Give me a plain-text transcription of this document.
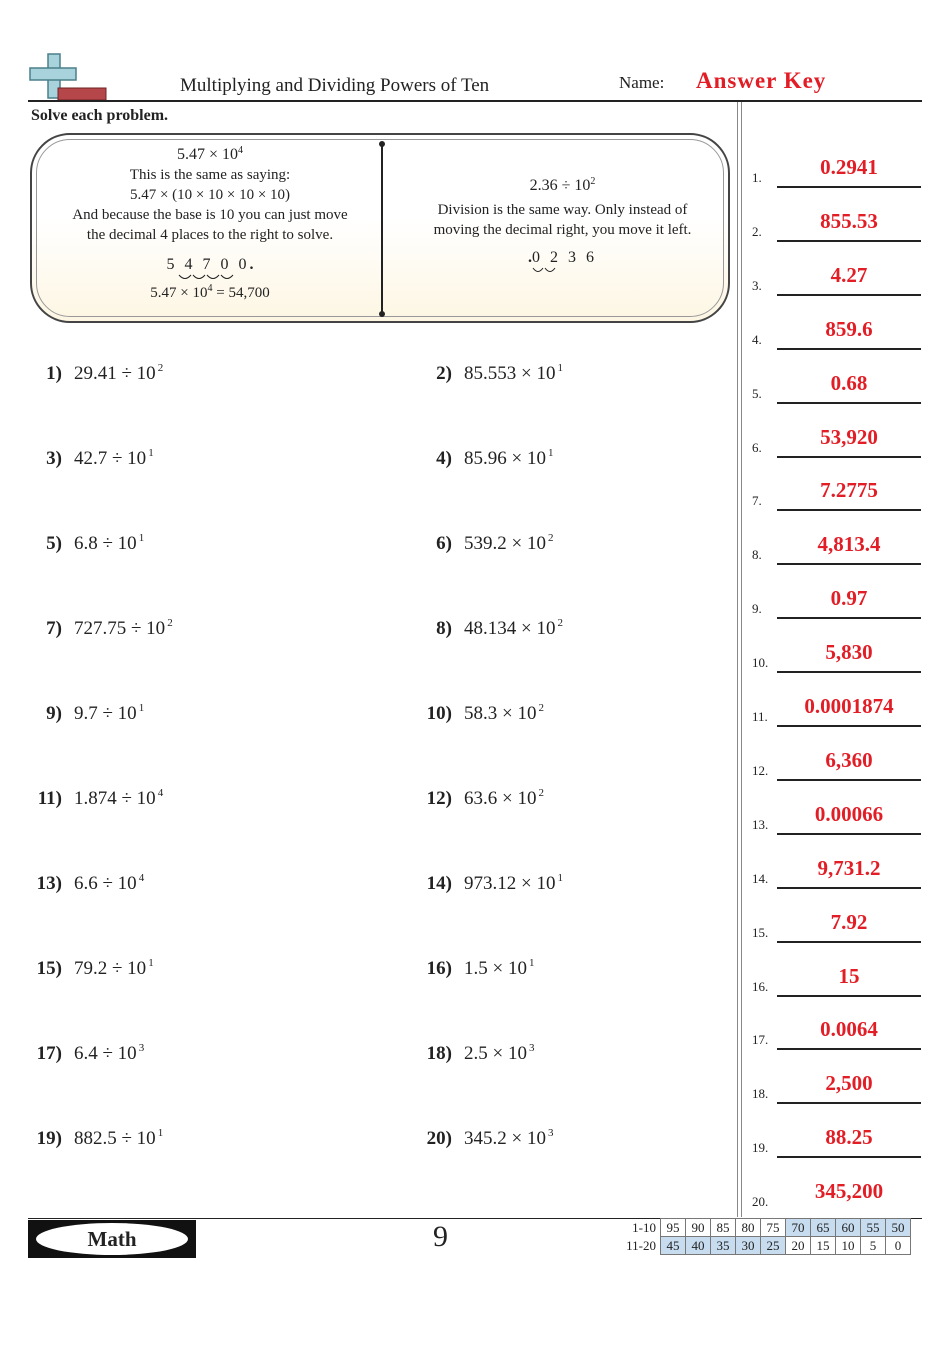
Multiplying and Dividing Powers of Ten	Name: Answer Key
Solve each problem.
$5.47 \times 10^4$
This is the same as saying:
5.47 × (10 × 10 × 10 × 10)
And because the base is 10 you can just move
the decimal 4 places to the right to solve.
5 4 7 0 0.
$5.47 \times 10^4 = 54,700$
$2.36 \div 10^2$
Division is the same way. Only instead of
moving the decimal right, you move it left.
.0 2 3 6
1) 29.41 ÷ 10 $^2$	2) 85.553 × 10 $^1$
3) 42.7 ÷ 10 $^1$	4) 85.96 × 10 $^1$
5) 6.8 ÷ 10 $^1$	6) 539.2 × 10 $^2$
7) 727.75 ÷ 10 $^2$	8) 48.134 × 10 $^2$
9) 9.7 ÷ 10 $^1$	10) 58.3 × 10 $^2$
11) 1.874 ÷ 10 $^4$	12) 63.6 × 10 $^2$
13) 6.6 ÷ 10 $^4$	14) 973.12 × 10 $^1$
15) 79.2 ÷ 10 $^1$	16) 1.5 × 10 $^1$
17) 6.4 ÷ 10 $^3$	18) 2.5 × 10 $^3$
19) 882.5 ÷ 10 $^1$	20) 345.2 × 10 $^3$
1.	0.2941
2.	855.53
3.	4.27
4.	859.6
5.	0.68
6.	53,920
7.	7.2775
8.	4,813.4
9.	0.97
10.	5,830
11.	0.0001874
12.	6,360
13.	0.00066
14.	9,731.2
15.	7.92
16.	15
17.	0.0064
18.	2,500
19.	88.25
20.	345,200
Math	9	1-10	95	90	85	80	75	70	65	60	55	50
11-20	45	40	35	30	25	20	15	10	5	0
